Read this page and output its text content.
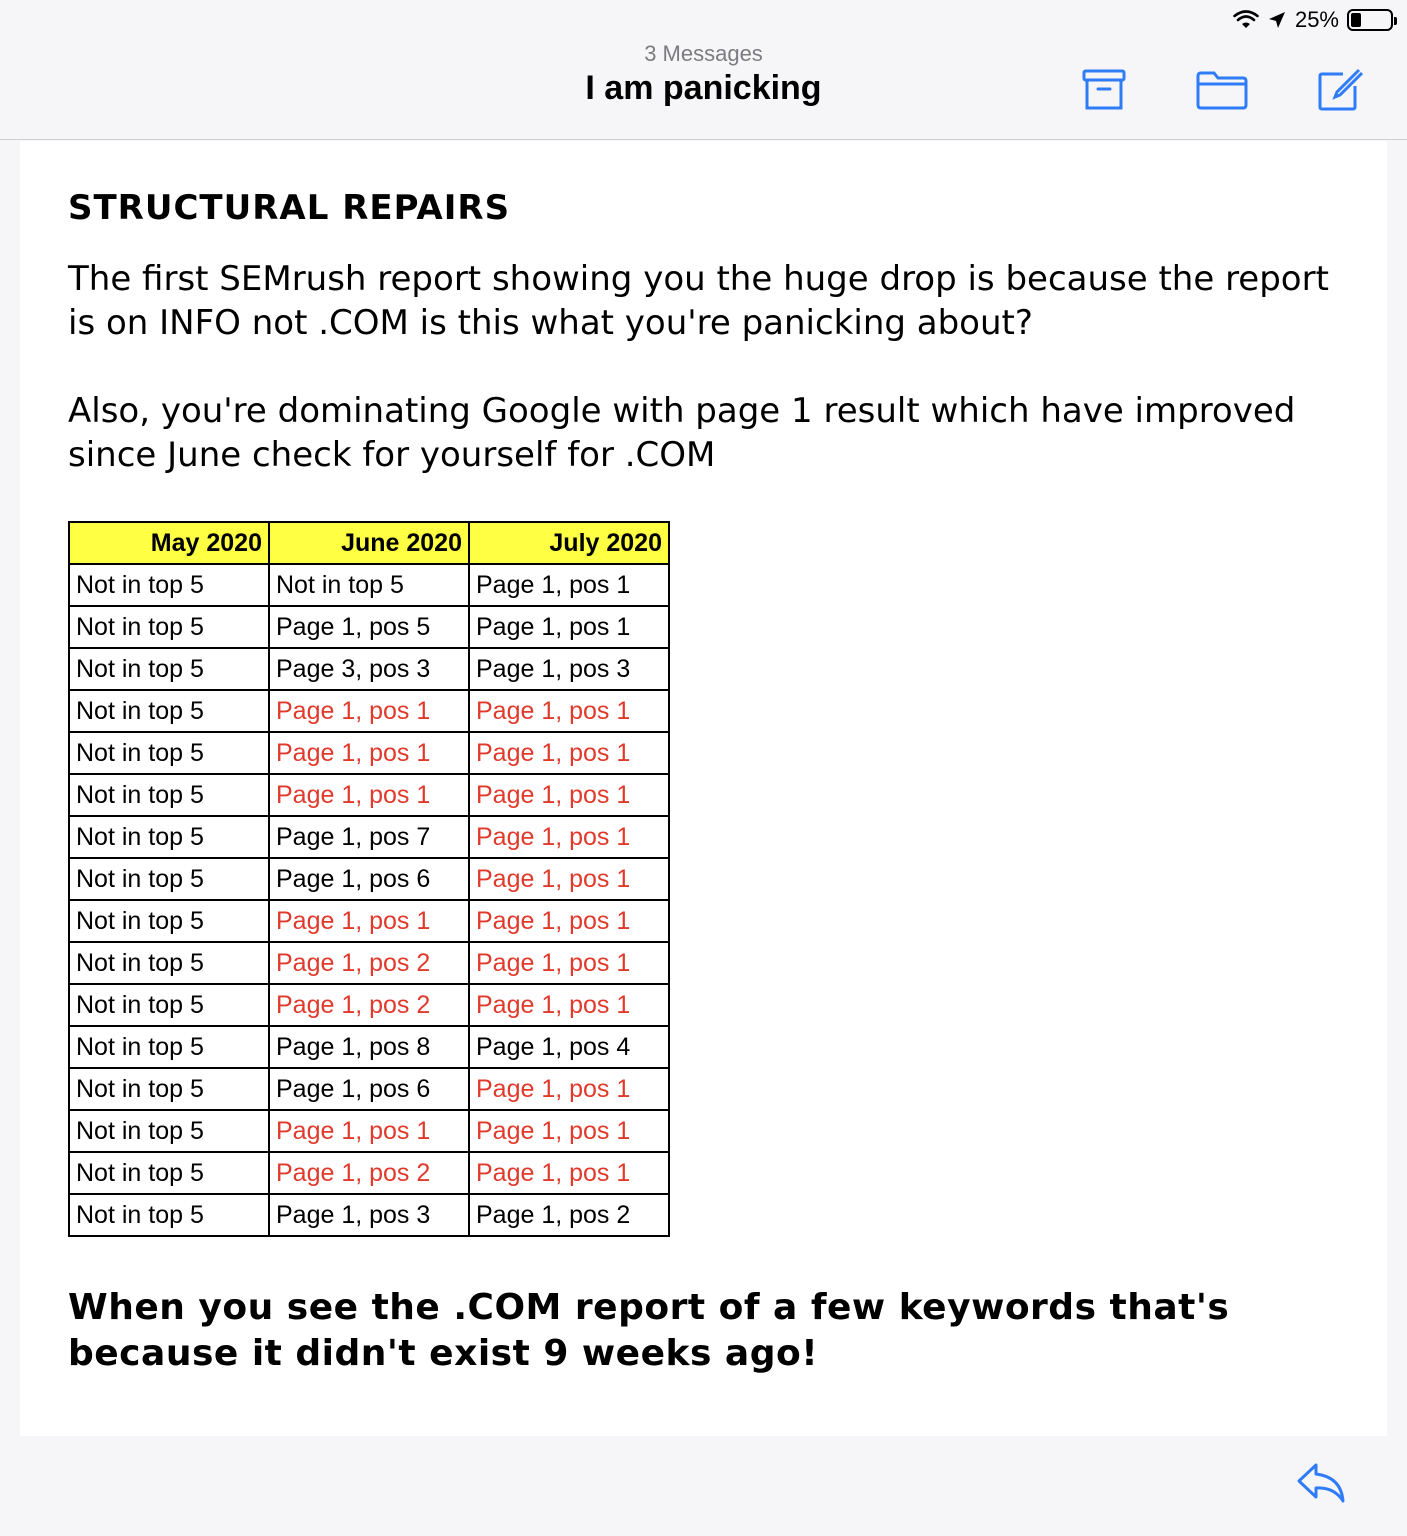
3 Messages
I am panicking
25%
STRUCTURAL REPAIRS

The first SEMrush report showing you the huge drop is because the report is on INFO not .COM is this what you're panicking about?

Also, you're dominating Google with page 1 result which have improved since June check for yourself for .COM

May 2020	June 2020	July 2020
Not in top 5	Not in top 5	Page 1, pos 1
Not in top 5	Page 1, pos 5	Page 1, pos 1
Not in top 5	Page 3, pos 3	Page 1, pos 3
Not in top 5	Page 1, pos 1	Page 1, pos 1
Not in top 5	Page 1, pos 1	Page 1, pos 1
Not in top 5	Page 1, pos 1	Page 1, pos 1
Not in top 5	Page 1, pos 7	Page 1, pos 1
Not in top 5	Page 1, pos 6	Page 1, pos 1
Not in top 5	Page 1, pos 1	Page 1, pos 1
Not in top 5	Page 1, pos 2	Page 1, pos 1
Not in top 5	Page 1, pos 2	Page 1, pos 1
Not in top 5	Page 1, pos 8	Page 1, pos 4
Not in top 5	Page 1, pos 6	Page 1, pos 1
Not in top 5	Page 1, pos 1	Page 1, pos 1
Not in top 5	Page 1, pos 2	Page 1, pos 1
Not in top 5	Page 1, pos 3	Page 1, pos 2
When you see the .COM report of a few keywords that's because it didn't exist 9 weeks ago!
